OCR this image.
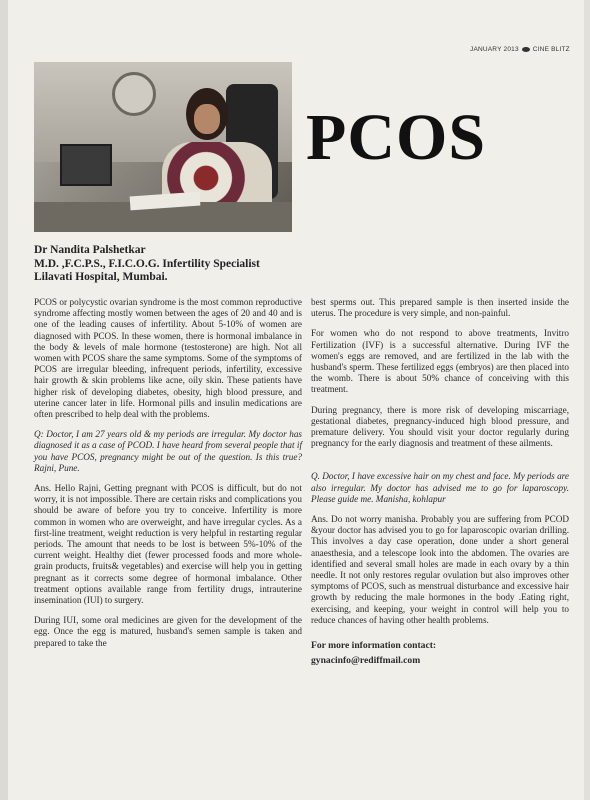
JANUARY 2013 CINE BLITZ
PCOS
Dr Nandita Palshetkar
M.D. ,F.C.P.S., F.I.C.O.G. Infertility Specialist
Lilavati Hospital, Mumbai.

PCOS or polycystic ovarian syndrome is the most common reproductive syndrome affecting mostly women between the ages of 20 and 40 and is one of the leading causes of infertility. About 5-10% of women are diagnosed with PCOS. In these women, there is hormonal imbalance in the body & levels of male hormone (testosterone) are high. Not all women with PCOS share the same symptoms. Some of the symptoms of PCOS are irregular bleeding, infrequent periods, infertility, excessive hair growth & skin problems like acne, oily skin. These patients have higher risk of developing diabetes, obesity, high blood pressure, and uterine cancer later in life. Hormonal pills and insulin medications are often prescribed to help deal with the problems.

Q: Doctor, I am 27 years old & my periods are irregular. My doctor has diagnosed it as a case of PCOD. I have heard from several people that if you have PCOS, pregnancy might be out of the question. Is this true? Rajni, Pune.

Ans. Hello Rajni, Getting pregnant with PCOS is difficult, but do not worry, it is not impossible. There are certain risks and complications you should be aware of before you try to conceive. Infertility is more common in women who are overweight, and have irregular cycles. As a first-line treatment, weight reduction is very helpful in restarting regular periods. The amount that needs to be lost is between 5%-10% of the current weight. Healthy diet (fewer processed foods and more whole-grain products, fruits& vegetables) and exercise will help you in getting pregnant as it corrects some degree of hormonal imbalance. Other treatment options available range from fertility drugs, intrauterine insemination (IUI) to surgery.

During IUI, some oral medicines are given for the development of the egg. Once the egg is matured, husband's semen sample is taken and prepared to take the

best sperms out. This prepared sample is then inserted inside the uterus. The procedure is very simple, and non-painful.

For women who do not respond to above treatments, Invitro Fertilization (IVF) is a successful alternative. During IVF the women's eggs are removed, and are fertilized in the lab with the husband's sperm. These fertilized eggs (embryos) are then placed into the womb. There is about 50% chance of conceiving with this treatment.

During pregnancy, there is more risk of developing miscarriage, gestational diabetes, pregnancy-induced high blood pressure, and premature delivery. You should visit your doctor regularly during pregnancy for the early diagnosis and treatment of these ailments.

Q. Doctor, I have excessive hair on my chest and face. My periods are also irregular. My doctor has advised me to go for laparoscopy. Please guide me. Manisha, kohlapur

Ans. Do not worry manisha. Probably you are suffering from PCOD &your doctor has advised you to go for laparoscopic ovarian drilling. This involves a day case operation, done under a short general anaesthesia, and a telescope look into the abdomen. The ovaries are identified and several small holes are made in each ovary by a thin needle. It not only restores regular ovulation but also improves other symptoms of PCOS, such as menstrual disturbance and excessive hair growth by reducing the male hormones in the body .Eating right, exercising, and keeping, your weight in control will help you to reduce chances of having other health problems.

For more information contact:
gynacinfo@rediffmail.com
